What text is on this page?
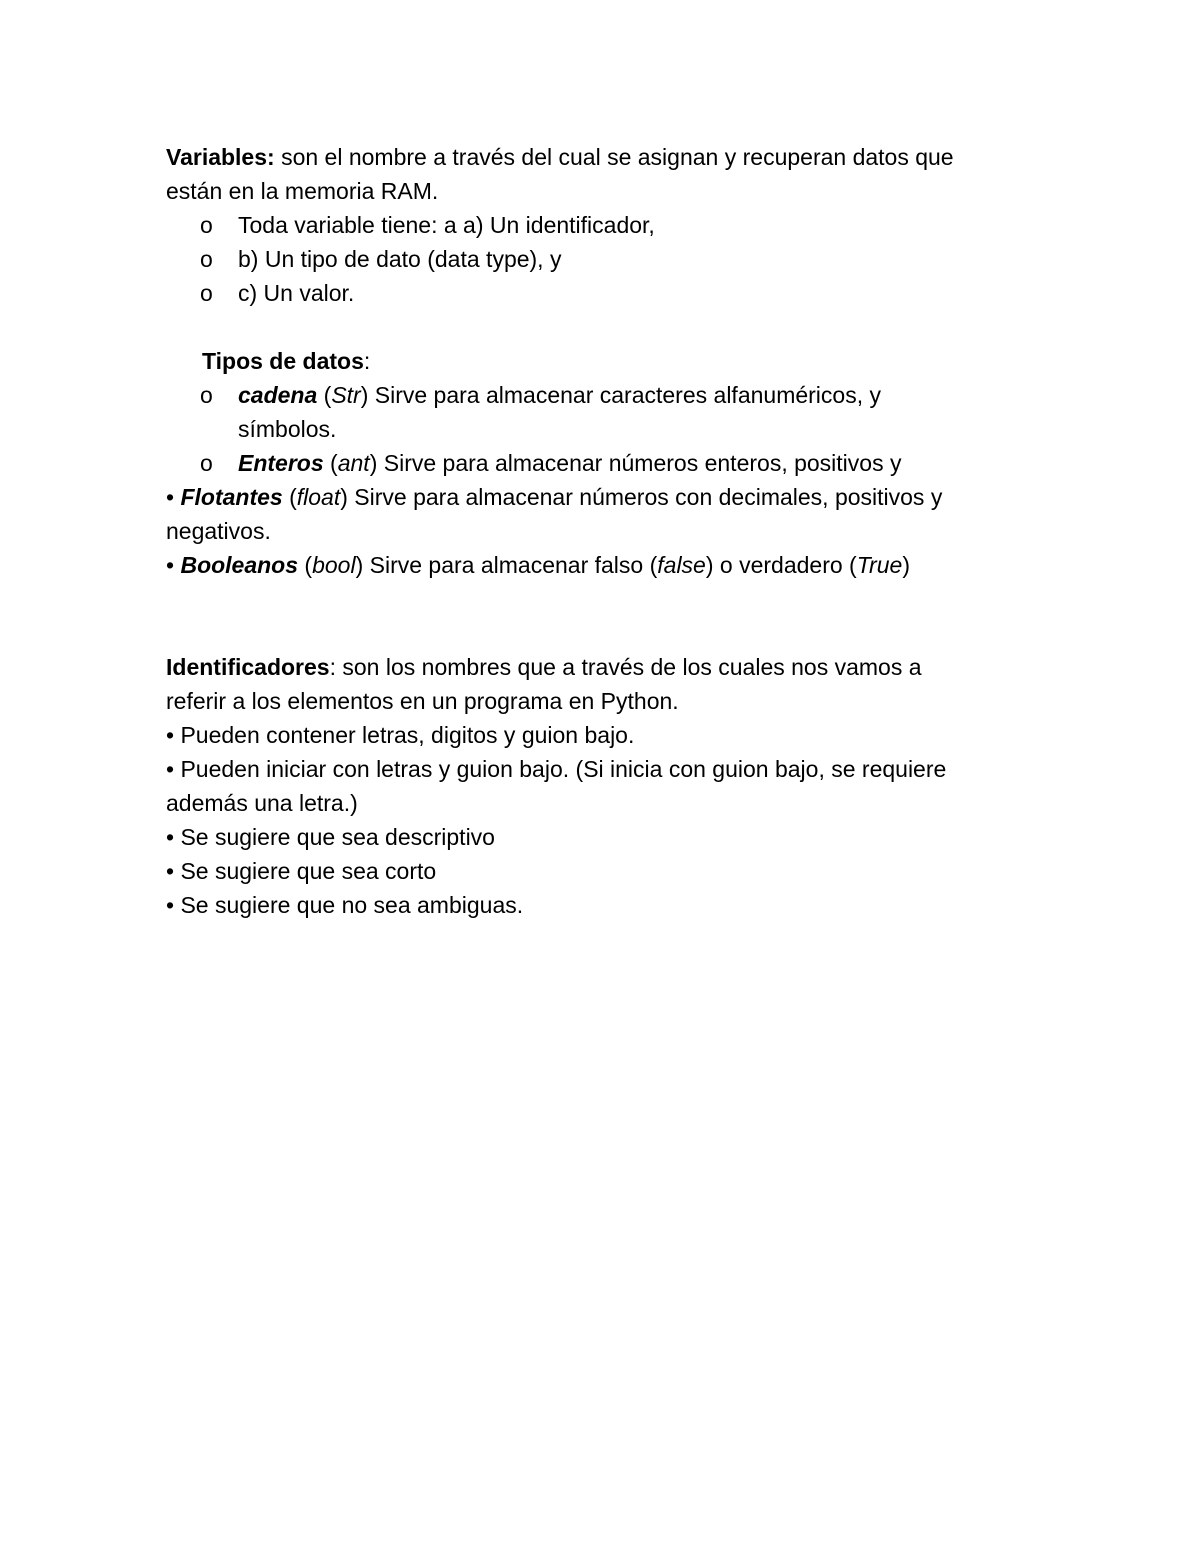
Variables: son el nombre a través del cual se asignan y recuperan datos que
están en la memoria RAM.
o Toda variable tiene: a a) Un identificador,
o b) Un tipo de dato (data type), y
o c) Un valor.
Tipos de datos:
o cadena (Str) Sirve para almacenar caracteres alfanuméricos, y
símbolos.
o Enteros (ant) Sirve para almacenar números enteros, positivos y
• Flotantes (float) Sirve para almacenar números con decimales, positivos y
negativos.
• Booleanos (bool) Sirve para almacenar falso (false) o verdadero (True)
Identificadores: son los nombres que a través de los cuales nos vamos a
referir a los elementos en un programa en Python.
• Pueden contener letras, digitos y guion bajo.
• Pueden iniciar con letras y guion bajo. (Si inicia con guion bajo, se requiere
además una letra.)
• Se sugiere que sea descriptivo
• Se sugiere que sea corto
• Se sugiere que no sea ambiguas.
